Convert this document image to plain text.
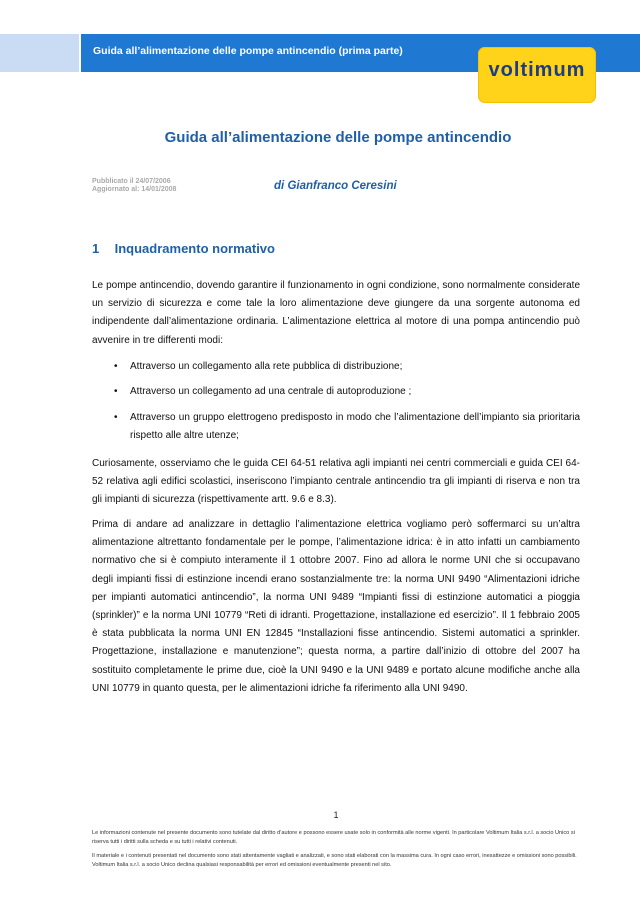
Guida all’alimentazione delle pompe antincendio (prima parte)
voltimum
Guida all’alimentazione delle pompe antincendio
Pubblicato il 24/07/2006
Aggiornato al: 14/01/2008	di Gianfranco Ceresini
1 Inquadramento normativo
Le pompe antincendio, dovendo garantire il funzionamento in ogni condizione, sono normalmente considerate un servizio di sicurezza e come tale la loro alimentazione deve giungere da una sorgente autonoma ed indipendente dall’alimentazione ordinaria. L’alimentazione elettrica al motore di una pompa antincendio può avvenire in tre differenti modi:
• Attraverso un collegamento alla rete pubblica di distribuzione;
• Attraverso un collegamento ad una centrale di autoproduzione ;
• Attraverso un gruppo elettrogeno predisposto in modo che l’alimentazione dell’impianto sia prioritaria rispetto alle altre utenze;
Curiosamente, osserviamo che le guida CEI 64-51 relativa agli impianti nei centri commerciali e guida CEI 64-52 relativa agli edifici scolastici, inseriscono l’impianto centrale antincendio tra gli impianti di riserva e non tra gli impianti di sicurezza (rispettivamente artt. 9.6 e 8.3).
Prima di andare ad analizzare in dettaglio l’alimentazione elettrica vogliamo però soffermarci su un’altra alimentazione altrettanto fondamentale per le pompe, l’alimentazione idrica: è in atto infatti un cambiamento normativo che si è compiuto interamente il 1 ottobre 2007. Fino ad allora le norme UNI che si occupavano degli impianti fissi di estinzione incendi erano sostanzialmente tre: la norma UNI 9490 “Alimentazioni idriche per impianti automatici antincendio”, la norma UNI 9489 “Impianti fissi di estinzione automatici a pioggia (sprinkler)” e la norma UNI 10779 “Reti di idranti. Progettazione, installazione ed esercizio”. Il 1 febbraio 2005 è stata pubblicata la norma UNI EN 12845 “Installazioni fisse antincendio. Sistemi automatici a sprinkler. Progettazione, installazione e manutenzione”; questa norma, a partire dall’inizio di ottobre del 2007 ha sostituito completamente le prime due, cioè la UNI 9490 e la UNI 9489 e portato alcune modifiche anche alla UNI 10779 in quanto questa, per le alimentazioni idriche fa riferimento alla UNI 9490.
1
Le informazioni contenute nel presente documento sono tutelate dal diritto d’autore e possono essere usate solo in conformità alle norme vigenti. In particolare Voltimum Italia s.r.l. a socio Unico si riserva tutti i diritti sulla scheda e su tutti i relativi contenuti.
Il materiale e i contenuti presentati nel documento sono stati attentamente vagliati e analizzati, e sono stati elaborati con la massima cura. In ogni caso errori, inesattezze e omissioni sono possibili. Voltimum Italia s.r.l. a socio Unico declina qualsiasi responsabilità per errori ed omissioni eventualmente presenti nel sito.
